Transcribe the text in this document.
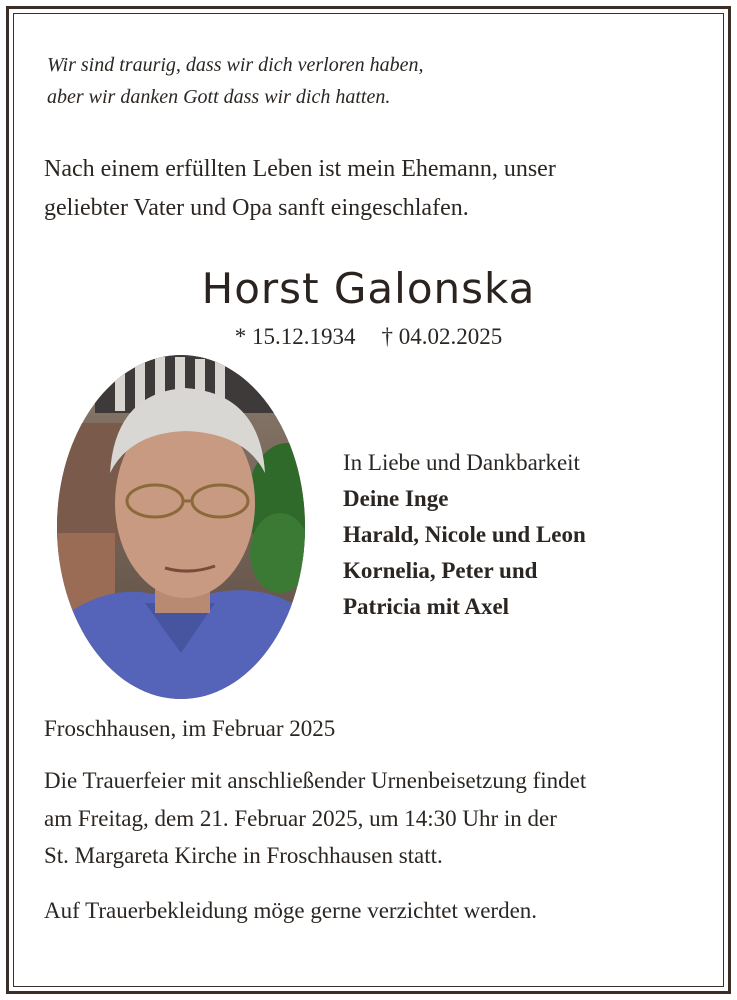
Wir sind traurig, dass wir dich verloren haben,
aber wir danken Gott dass wir dich hatten.
Nach einem erfüllten Leben ist mein Ehemann, unser
geliebter Vater und Opa sanft eingeschlafen.
Horst Galonska
* 15.12.1934 † 04.02.2025
In Liebe und Dankbarkeit
Deine Inge
Harald, Nicole und Leon
Kornelia, Peter und
Patricia mit Axel
Froschhausen, im Februar 2025
Die Trauerfeier mit anschließender Urnenbeisetzung findet
am Freitag, dem 21. Februar 2025, um 14:30 Uhr in der
St. Margareta Kirche in Froschhausen statt.
Auf Trauerbekleidung möge gerne verzichtet werden.
